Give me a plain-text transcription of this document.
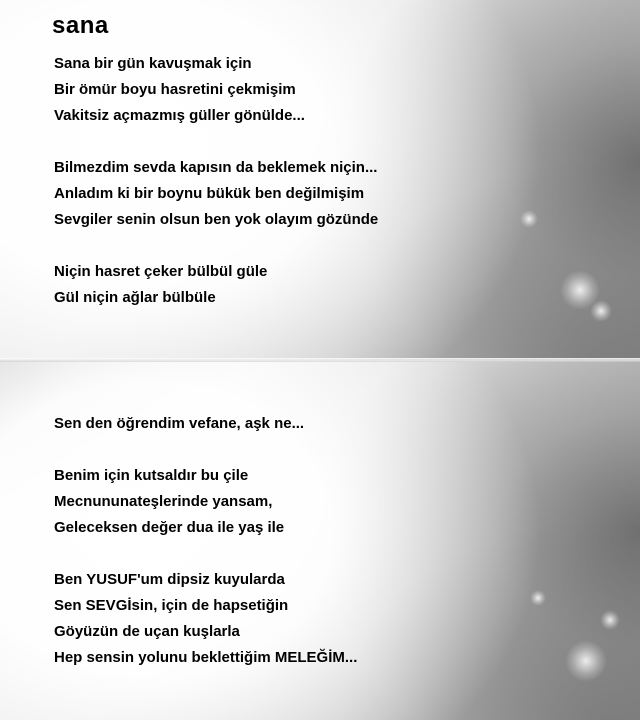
sana
Sana bir gün kavuşmak için
Bir ömür boyu hasretini çekmişim
Vakitsiz açmazmış güller gönülde...
Bilmezdim sevda kapısın da beklemek niçin...
Anladım ki bir boynu bükük ben değilmişim
Sevgiler senin olsun ben yok olayım gözünde
Niçin hasret çeker bülbül güle
Gül niçin ağlar bülbüle
Sen den öğrendim vefane, aşk ne...
Benim için kutsaldır bu çile
Mecnununateşlerinde yansam,
Geleceksen değer dua ile yaş ile
Ben YUSUF'um dipsiz kuyularda
Sen SEVGİsin, için de hapsetiğin
Göyüzün de uçan kuşlarla
Hep sensin yolunu beklettiğim MELEĞİM...
